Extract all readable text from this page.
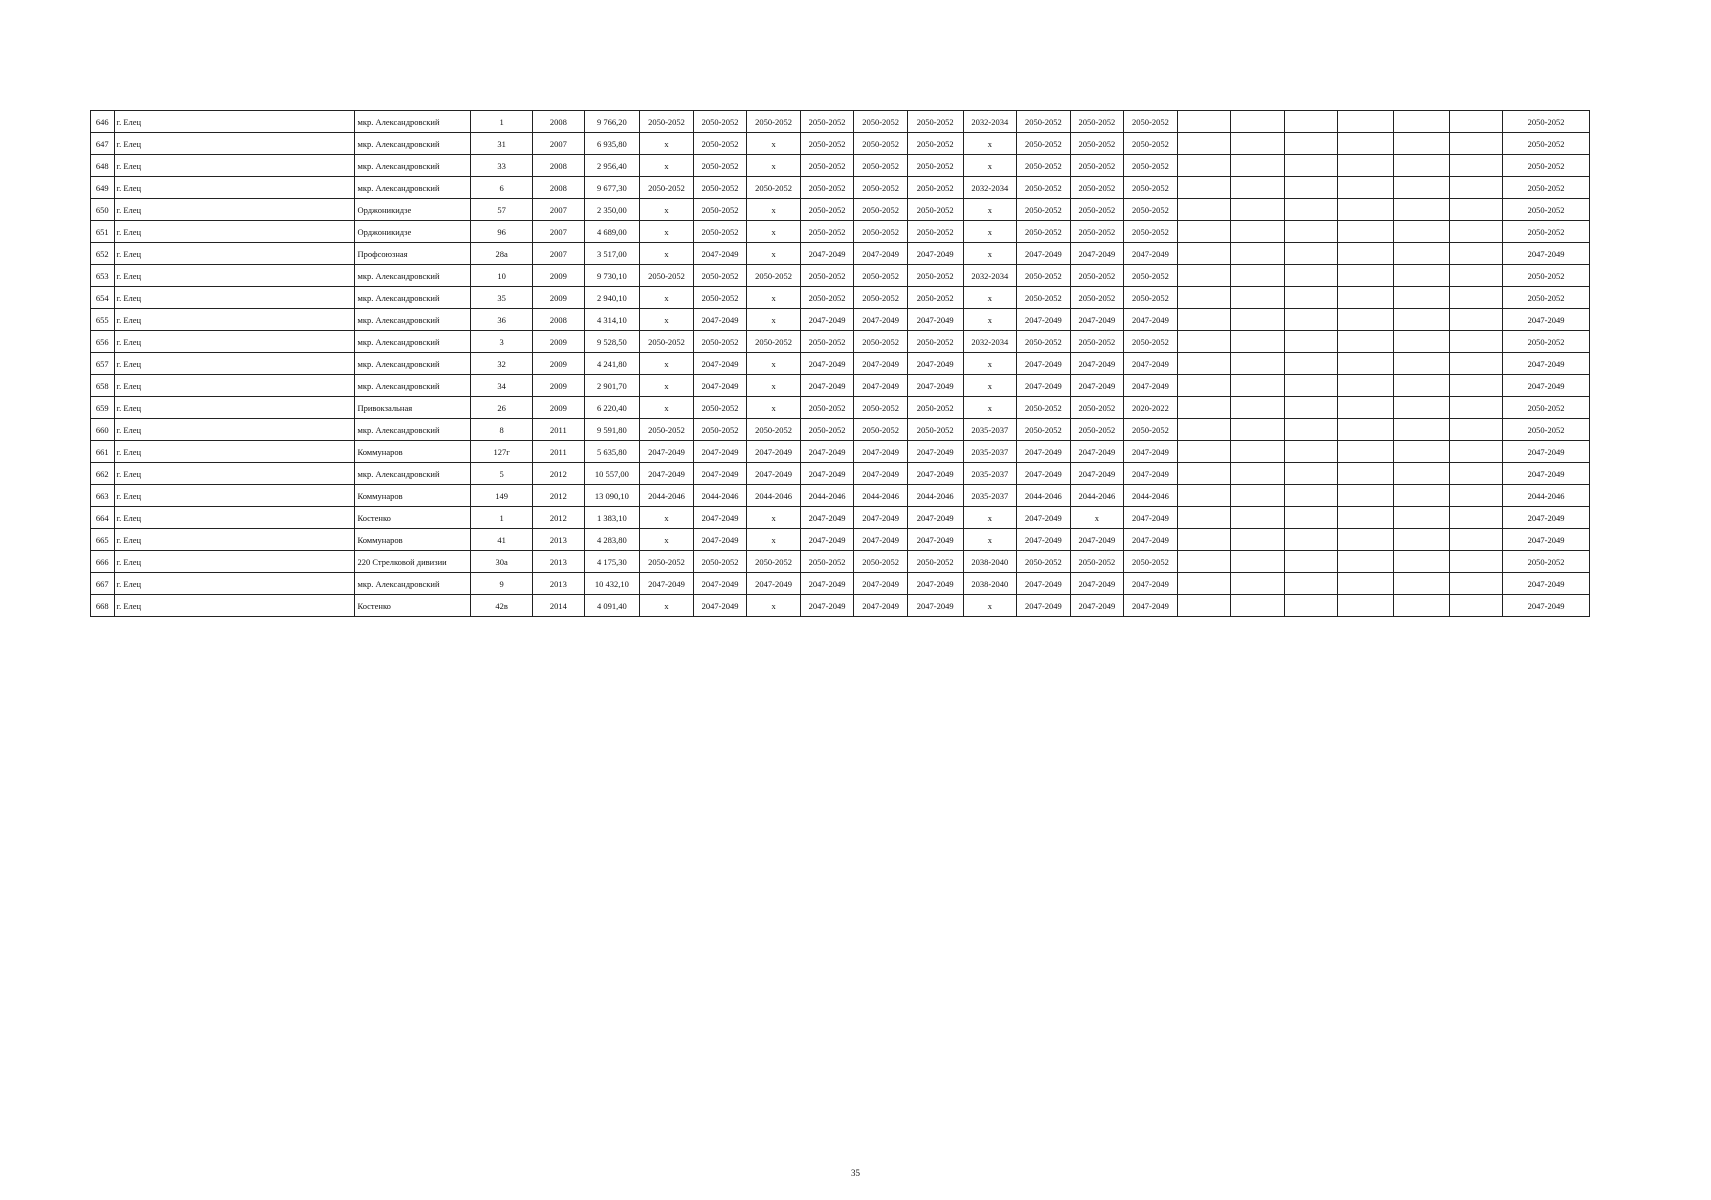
646	г. Елец	мкр. Александровский	1	2008	9 766,20	2050-2052	2050-2052	2050-2052	2050-2052	2050-2052	2050-2052	2032-2034	2050-2052	2050-2052	2050-2052							2050-2052
647	г. Елец	мкр. Александровский	31	2007	6 935,80	x	2050-2052	x	2050-2052	2050-2052	2050-2052	x	2050-2052	2050-2052	2050-2052							2050-2052
648	г. Елец	мкр. Александровский	33	2008	2 956,40	x	2050-2052	x	2050-2052	2050-2052	2050-2052	x	2050-2052	2050-2052	2050-2052							2050-2052
649	г. Елец	мкр. Александровский	6	2008	9 677,30	2050-2052	2050-2052	2050-2052	2050-2052	2050-2052	2050-2052	2032-2034	2050-2052	2050-2052	2050-2052							2050-2052
650	г. Елец	Орджоникидзе	57	2007	2 350,00	x	2050-2052	x	2050-2052	2050-2052	2050-2052	x	2050-2052	2050-2052	2050-2052							2050-2052
651	г. Елец	Орджоникидзе	96	2007	4 689,00	x	2050-2052	x	2050-2052	2050-2052	2050-2052	x	2050-2052	2050-2052	2050-2052							2050-2052
652	г. Елец	Профсоюзная	28а	2007	3 517,00	x	2047-2049	x	2047-2049	2047-2049	2047-2049	x	2047-2049	2047-2049	2047-2049							2047-2049
653	г. Елец	мкр. Александровский	10	2009	9 730,10	2050-2052	2050-2052	2050-2052	2050-2052	2050-2052	2050-2052	2032-2034	2050-2052	2050-2052	2050-2052							2050-2052
654	г. Елец	мкр. Александровский	35	2009	2 940,10	x	2050-2052	x	2050-2052	2050-2052	2050-2052	x	2050-2052	2050-2052	2050-2052							2050-2052
655	г. Елец	мкр. Александровский	36	2008	4 314,10	x	2047-2049	x	2047-2049	2047-2049	2047-2049	x	2047-2049	2047-2049	2047-2049							2047-2049
656	г. Елец	мкр. Александровский	3	2009	9 528,50	2050-2052	2050-2052	2050-2052	2050-2052	2050-2052	2050-2052	2032-2034	2050-2052	2050-2052	2050-2052							2050-2052
657	г. Елец	мкр. Александровский	32	2009	4 241,80	x	2047-2049	x	2047-2049	2047-2049	2047-2049	x	2047-2049	2047-2049	2047-2049							2047-2049
658	г. Елец	мкр. Александровский	34	2009	2 901,70	x	2047-2049	x	2047-2049	2047-2049	2047-2049	x	2047-2049	2047-2049	2047-2049							2047-2049
659	г. Елец	Привокзальная	26	2009	6 220,40	x	2050-2052	x	2050-2052	2050-2052	2050-2052	x	2050-2052	2050-2052	2020-2022							2050-2052
660	г. Елец	мкр. Александровский	8	2011	9 591,80	2050-2052	2050-2052	2050-2052	2050-2052	2050-2052	2050-2052	2035-2037	2050-2052	2050-2052	2050-2052							2050-2052
661	г. Елец	Коммунаров	127г	2011	5 635,80	2047-2049	2047-2049	2047-2049	2047-2049	2047-2049	2047-2049	2035-2037	2047-2049	2047-2049	2047-2049							2047-2049
662	г. Елец	мкр. Александровский	5	2012	10 557,00	2047-2049	2047-2049	2047-2049	2047-2049	2047-2049	2047-2049	2035-2037	2047-2049	2047-2049	2047-2049							2047-2049
663	г. Елец	Коммунаров	149	2012	13 090,10	2044-2046	2044-2046	2044-2046	2044-2046	2044-2046	2044-2046	2035-2037	2044-2046	2044-2046	2044-2046							2044-2046
664	г. Елец	Костенко	1	2012	1 383,10	x	2047-2049	x	2047-2049	2047-2049	2047-2049	x	2047-2049	x	2047-2049							2047-2049
665	г. Елец	Коммунаров	41	2013	4 283,80	x	2047-2049	x	2047-2049	2047-2049	2047-2049	x	2047-2049	2047-2049	2047-2049							2047-2049
666	г. Елец	220 Стрелковой дивизии	30а	2013	4 175,30	2050-2052	2050-2052	2050-2052	2050-2052	2050-2052	2050-2052	2038-2040	2050-2052	2050-2052	2050-2052							2050-2052
667	г. Елец	мкр. Александровский	9	2013	10 432,10	2047-2049	2047-2049	2047-2049	2047-2049	2047-2049	2047-2049	2038-2040	2047-2049	2047-2049	2047-2049							2047-2049
668	г. Елец	Костенко	42в	2014	4 091,40	x	2047-2049	x	2047-2049	2047-2049	2047-2049	x	2047-2049	2047-2049	2047-2049							2047-2049
35
